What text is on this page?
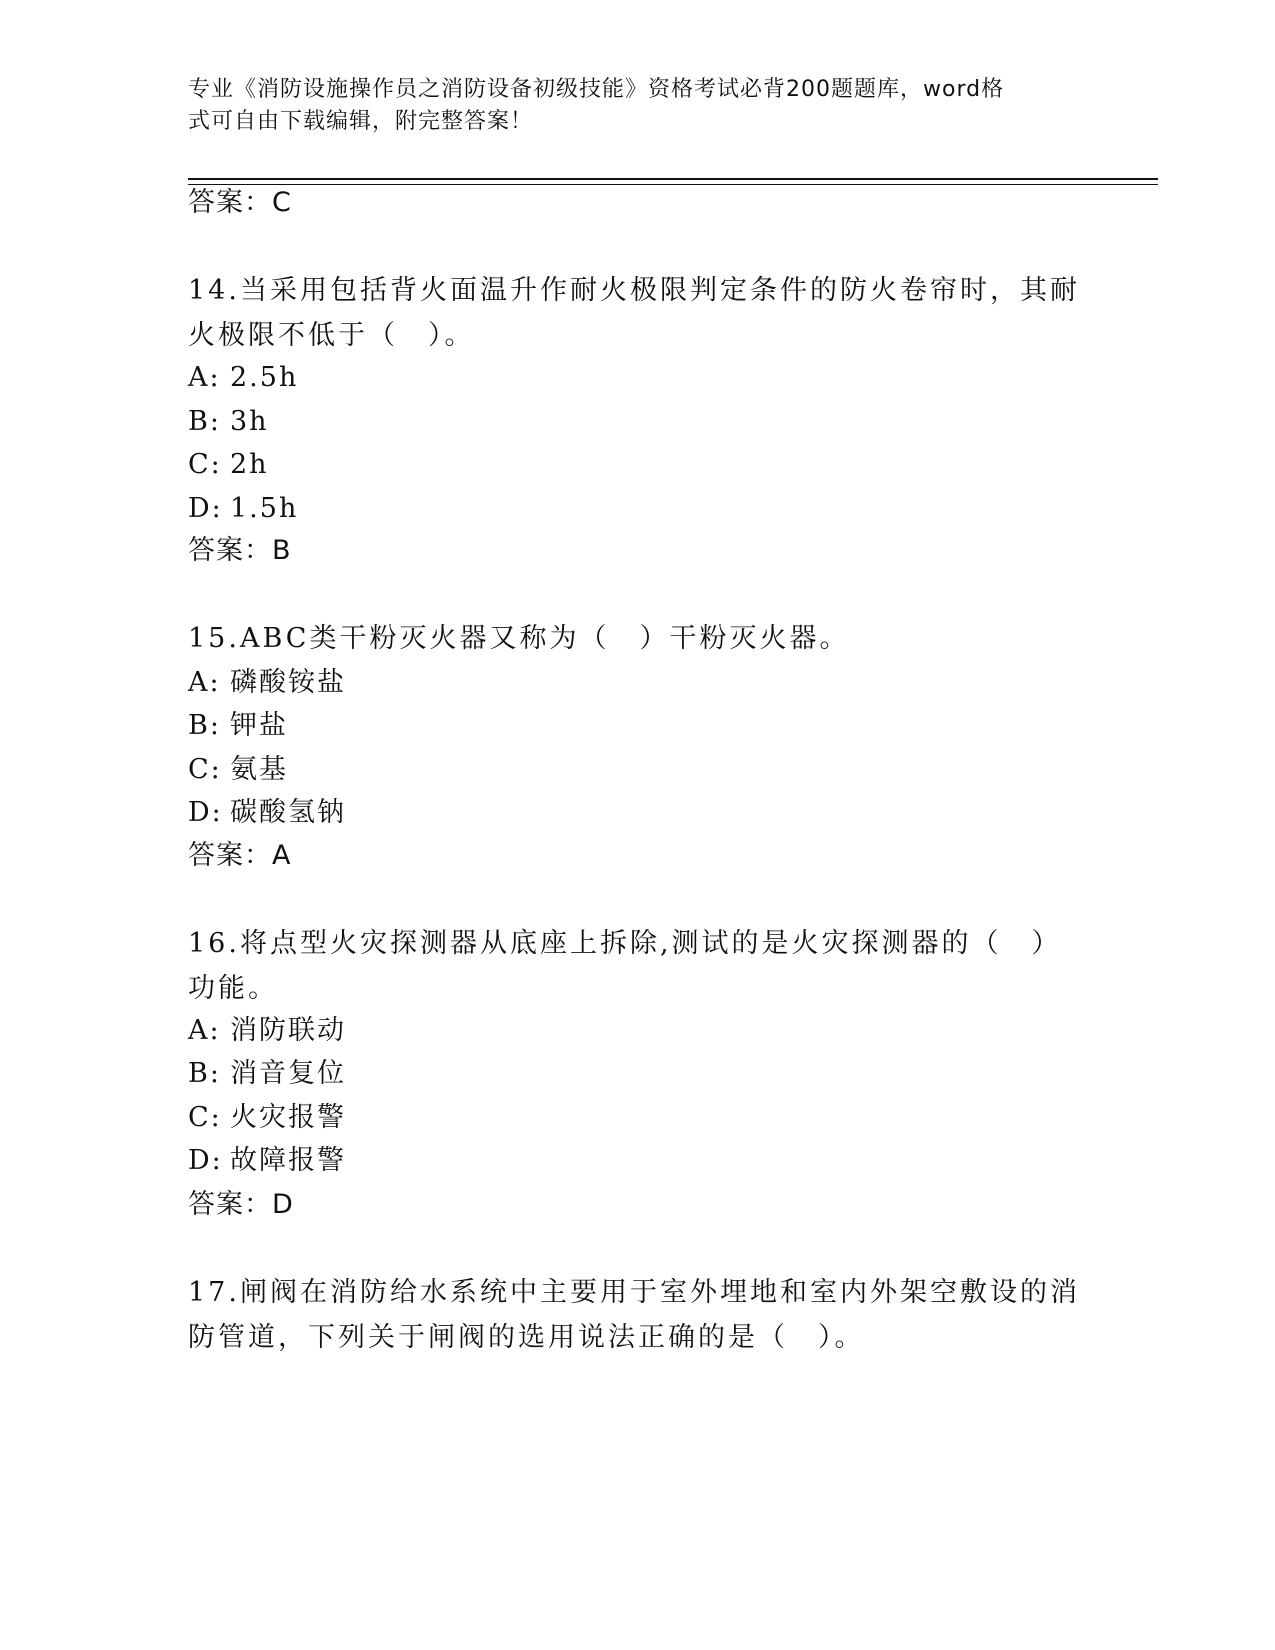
专业《消防设施操作员之消防设备初级技能》资格考试必背200题题库，word格
式可自由下载编辑，附完整答案！
答案：C
14.当采用包括背火面温升作耐火极限判定条件的防火卷帘时，其耐火极限不低于（　）。
A: 2.5h
B: 3h
C: 2h
D: 1.5h
答案：B
15.ABC类干粉灭火器又称为（　）干粉灭火器。
A: 磷酸铵盐
B: 钾盐
C: 氨基
D: 碳酸氢钠
答案：A
16.将点型火灾探测器从底座上拆除,测试的是火灾探测器的（　）功能。
A: 消防联动
B: 消音复位
C: 火灾报警
D: 故障报警
答案：D
17.闸阀在消防给水系统中主要用于室外埋地和室内外架空敷设的消防管道，下列关于闸阀的选用说法正确的是（　）。
